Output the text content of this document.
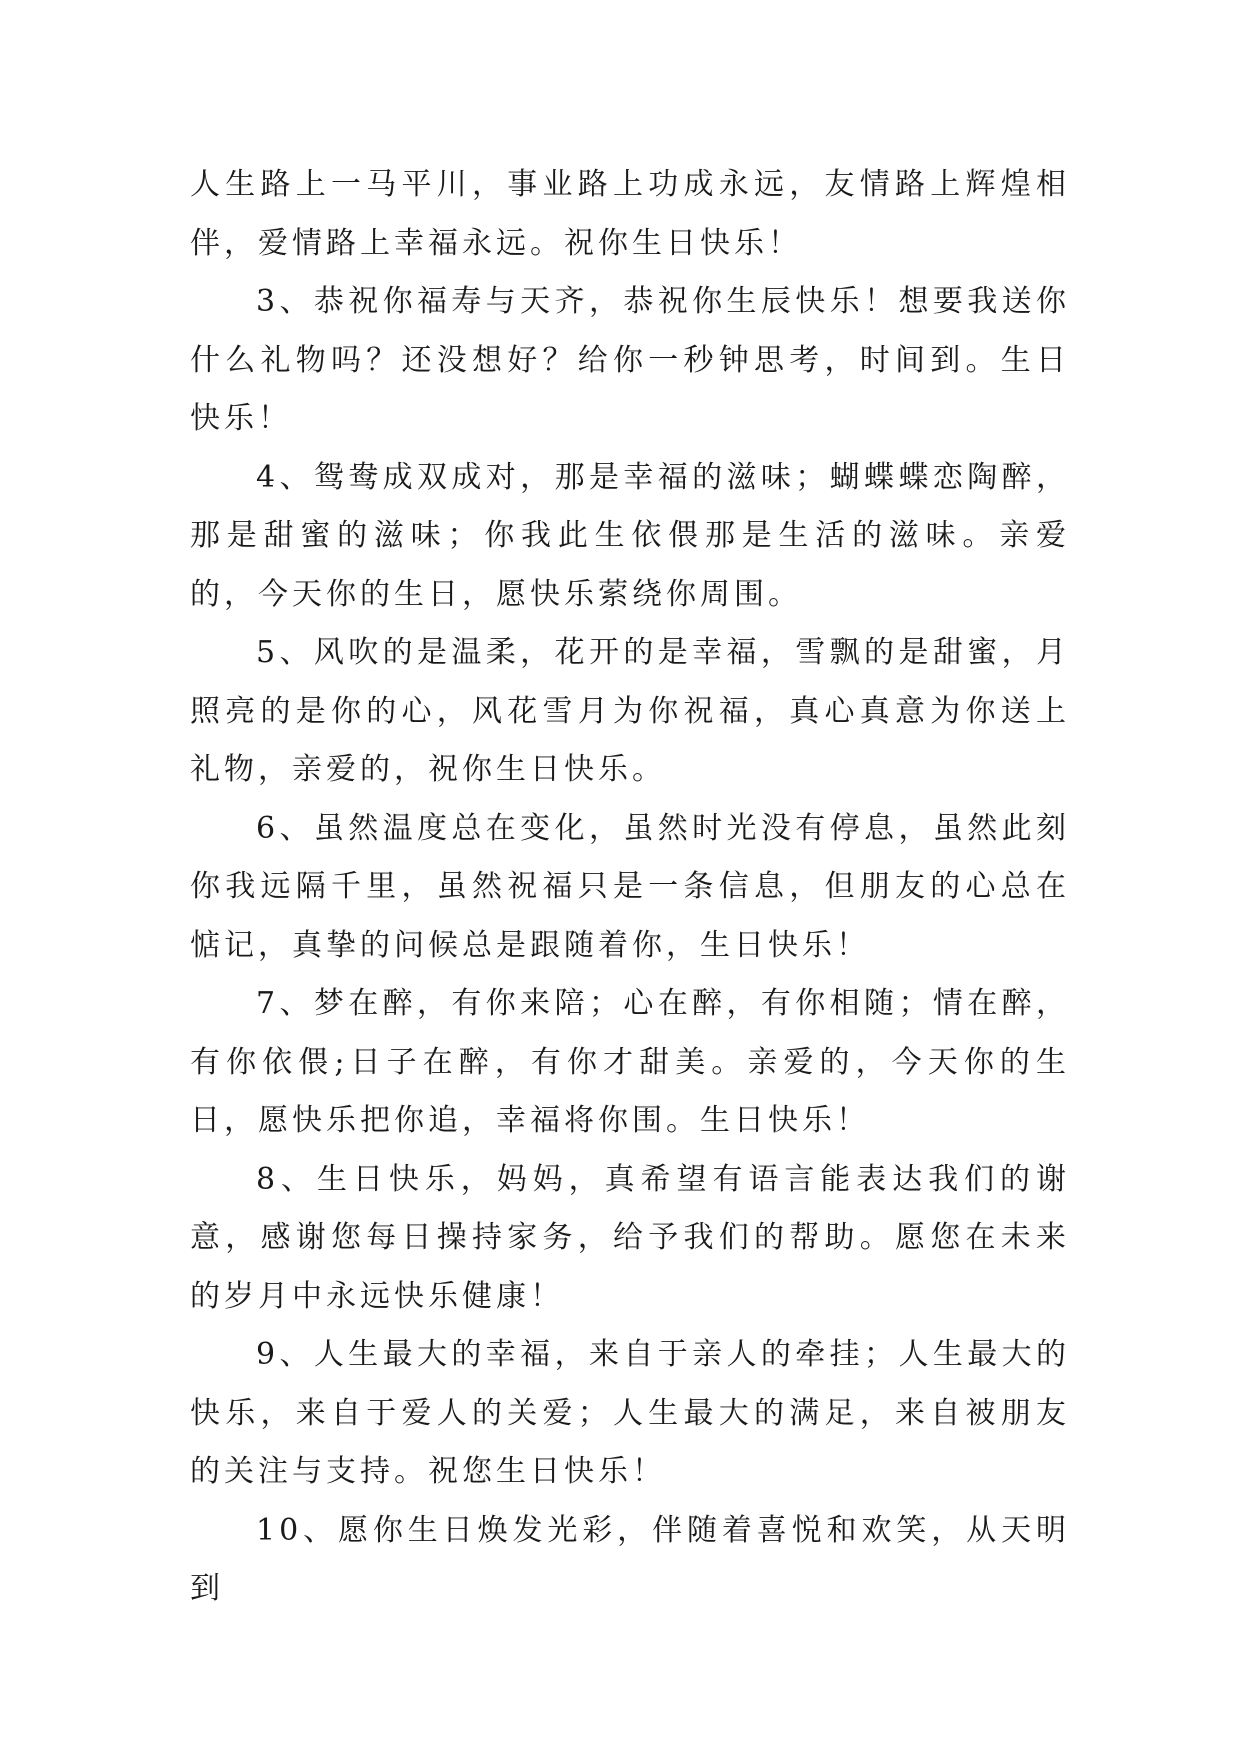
人生路上一马平川，事业路上功成永远，友情路上辉煌相伴，爱情路上幸福永远。祝你生日快乐！

3、恭祝你福寿与天齐，恭祝你生辰快乐！想要我送你什么礼物吗？还没想好？给你一秒钟思考，时间到。生日快乐！

4、鸳鸯成双成对，那是幸福的滋味；蝴蝶蝶恋陶醉，那是甜蜜的滋味；你我此生依偎那是生活的滋味。亲爱的，今天你的生日，愿快乐萦绕你周围。

5、风吹的是温柔，花开的是幸福，雪飘的是甜蜜，月照亮的是你的心，风花雪月为你祝福，真心真意为你送上礼物，亲爱的，祝你生日快乐。

6、虽然温度总在变化，虽然时光没有停息，虽然此刻你我远隔千里，虽然祝福只是一条信息，但朋友的心总在惦记，真挚的问候总是跟随着你，生日快乐！

7、梦在醉，有你来陪；心在醉，有你相随；情在醉，有你依偎;日子在醉，有你才甜美。亲爱的，今天你的生日，愿快乐把你追，幸福将你围。生日快乐！

8、生日快乐，妈妈，真希望有语言能表达我们的谢意，感谢您每日操持家务，给予我们的帮助。愿您在未来的岁月中永远快乐健康！

9、人生最大的幸福，来自于亲人的牵挂；人生最大的快乐，来自于爱人的关爱；人生最大的满足，来自被朋友的关注与支持。祝您生日快乐！

10、愿你生日焕发光彩，伴随着喜悦和欢笑，从天明到
